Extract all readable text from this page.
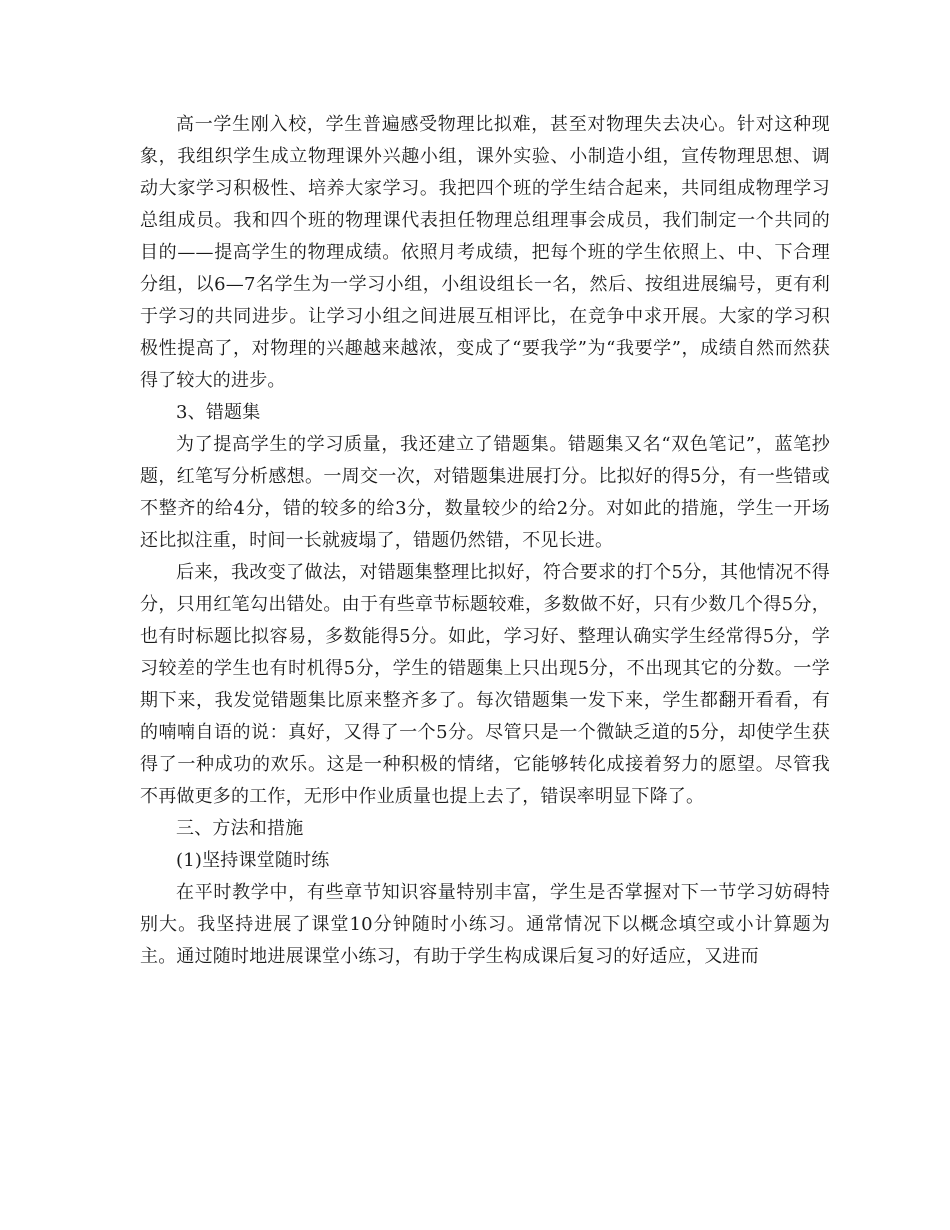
高一学生刚入校，学生普遍感受物理比拟难，甚至对物理失去决心。针对这种现象，我组织学生成立物理课外兴趣小组，课外实验、小制造小组，宣传物理思想、调动大家学习积极性、培养大家学习。我把四个班的学生结合起来，共同组成物理学习总组成员。我和四个班的物理课代表担任物理总组理事会成员，我们制定一个共同的目的——提高学生的物理成绩。依照月考成绩，把每个班的学生依照上、中、下合理分组，以6—7名学生为一学习小组，小组设组长一名，然后、按组进展编号，更有利于学习的共同进步。让学习小组之间进展互相评比，在竞争中求开展。大家的学习积极性提高了，对物理的兴趣越来越浓，变成了“要我学”为“我要学”，成绩自然而然获得了较大的进步。

3、错题集

为了提高学生的学习质量，我还建立了错题集。错题集又名“双色笔记”，蓝笔抄题，红笔写分析感想。一周交一次，对错题集进展打分。比拟好的得5分，有一些错或不整齐的给4分，错的较多的给3分，数量较少的给2分。对如此的措施，学生一开场还比拟注重，时间一长就疲塌了，错题仍然错，不见长进。

后来，我改变了做法，对错题集整理比拟好，符合要求的打个5分，其他情况不得分，只用红笔勾出错处。由于有些章节标题较难，多数做不好，只有少数几个得5分，也有时标题比拟容易，多数能得5分。如此，学习好、整理认确实学生经常得5分，学习较差的学生也有时机得5分，学生的错题集上只出现5分，不出现其它的分数。一学期下来，我发觉错题集比原来整齐多了。每次错题集一发下来，学生都翻开看看，有的喃喃自语的说：真好，又得了一个5分。尽管只是一个微缺乏道的5分，却使学生获得了一种成功的欢乐。这是一种积极的情绪，它能够转化成接着努力的愿望。尽管我不再做更多的工作，无形中作业质量也提上去了，错误率明显下降了。

三、方法和措施

(1)坚持课堂随时练

在平时教学中，有些章节知识容量特别丰富，学生是否掌握对下一节学习妨碍特别大。我坚持进展了课堂10分钟随时小练习。通常情况下以概念填空或小计算题为主。通过随时地进展课堂小练习，有助于学生构成课后复习的好适应，又进而
